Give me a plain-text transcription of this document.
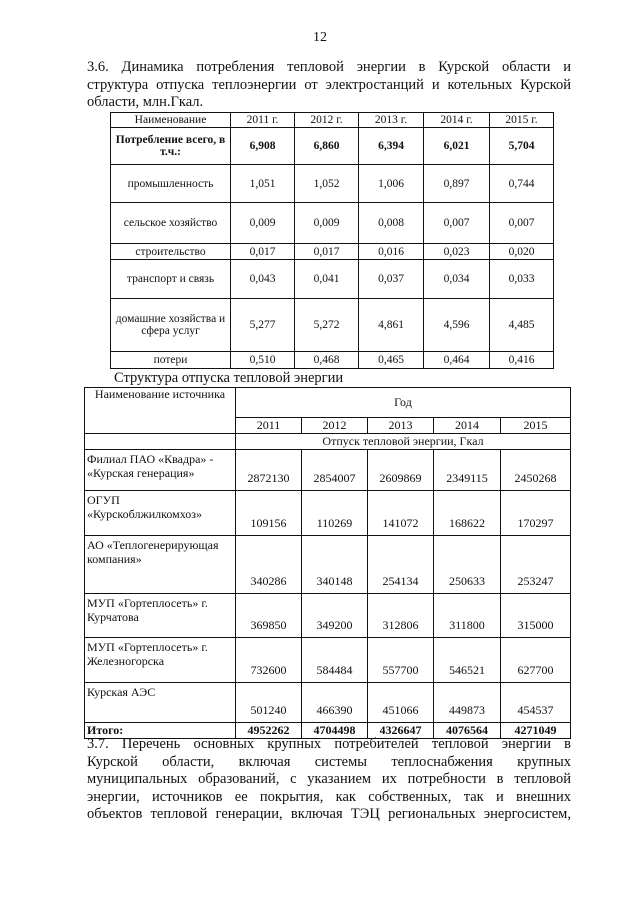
12
3.6. Динамика потребления тепловой энергии в Курской области и
структура отпуска теплоэнергии от электростанций и котельных Курской
области, млн.Гкал.
Наименование	2011 г.	2012 г.	2013 г.	2014 г.	2015 г.
Потребление всего, в т.ч.:	6,908	6,860	6,394	6,021	5,704
промышленность	1,051	1,052	1,006	0,897	0,744
сельское хозяйство	0,009	0,009	0,008	0,007	0,007
строительство	0,017	0,017	0,016	0,023	0,020
транспорт и связь	0,043	0,041	0,037	0,034	0,033
домашние хозяйства и сфера услуг	5,277	5,272	4,861	4,596	4,485
потери	0,510	0,468	0,465	0,464	0,416
Структура отпуска тепловой энергии
Наименование источника	Год				
	2011	2012	2013	2014	2015
	Отпуск тепловой энергии, Гкал				
Филиал ПАО «Квадра» - «Курская генерация»	2872130	2854007	2609869	2349115	2450268
ОГУП «Курскоблжилкомхоз»	109156	110269	141072	168622	170297
АО «Теплогенерирующая компания»	340286	340148	254134	250633	253247
МУП «Гортеплосеть» г. Курчатова	369850	349200	312806	311800	315000
МУП «Гортеплосеть» г. Железногорска	732600	584484	557700	546521	627700
Курская АЭС	501240	466390	451066	449873	454537
Итого:	4952262	4704498	4326647	4076564	4271049
3.7. Перечень основных крупных потребителей тепловой энергии в
Курской области, включая системы теплоснабжения крупных
муниципальных образований, с указанием их потребности в тепловой
энергии, источников ее покрытия, как собственных, так и внешних
объектов тепловой генерации, включая ТЭЦ региональных энергосистем,
